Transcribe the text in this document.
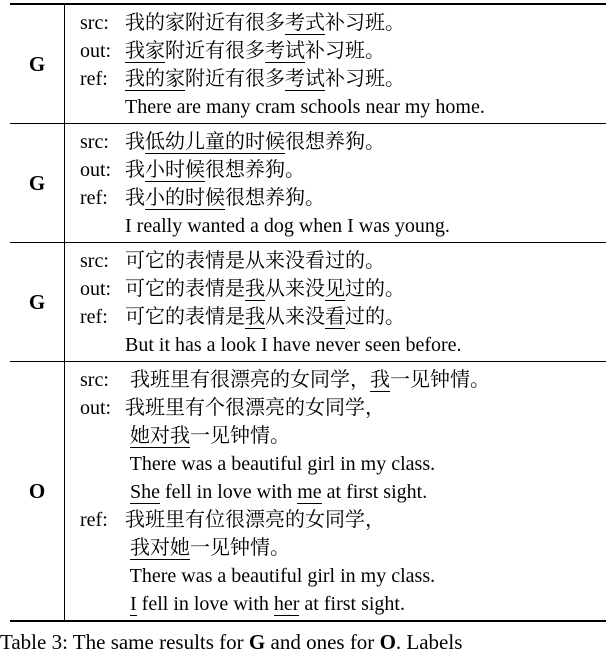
G
src: 我的家附近有很多考式补习班。
out: 我家附近有很多考试补习班。
ref: 我的家附近有很多考试补习班。
There are many cram schools near my home.
G
src: 我低幼儿童的时候很想养狗。
out: 我小时候很想养狗。
ref: 我小的时候很想养狗。
I really wanted a dog when I was young.
G
src: 可它的表情是从来没看过的。
out: 可它的表情是我从来没见过的。
ref: 可它的表情是我从来没看过的。
But it has a look I have never seen before.
O
src: 我班里有很漂亮的女同学，我一见钟情。
out: 我班里有个很漂亮的女同学，
她对我一见钟情。
There was a beautiful girl in my class.
She fell in love with me at first sight.
ref: 我班里有位很漂亮的女同学，
我对她一见钟情。
There was a beautiful girl in my class.
I fell in love with her at first sight.
Table 3: The same results for G and ones for O. Labels
